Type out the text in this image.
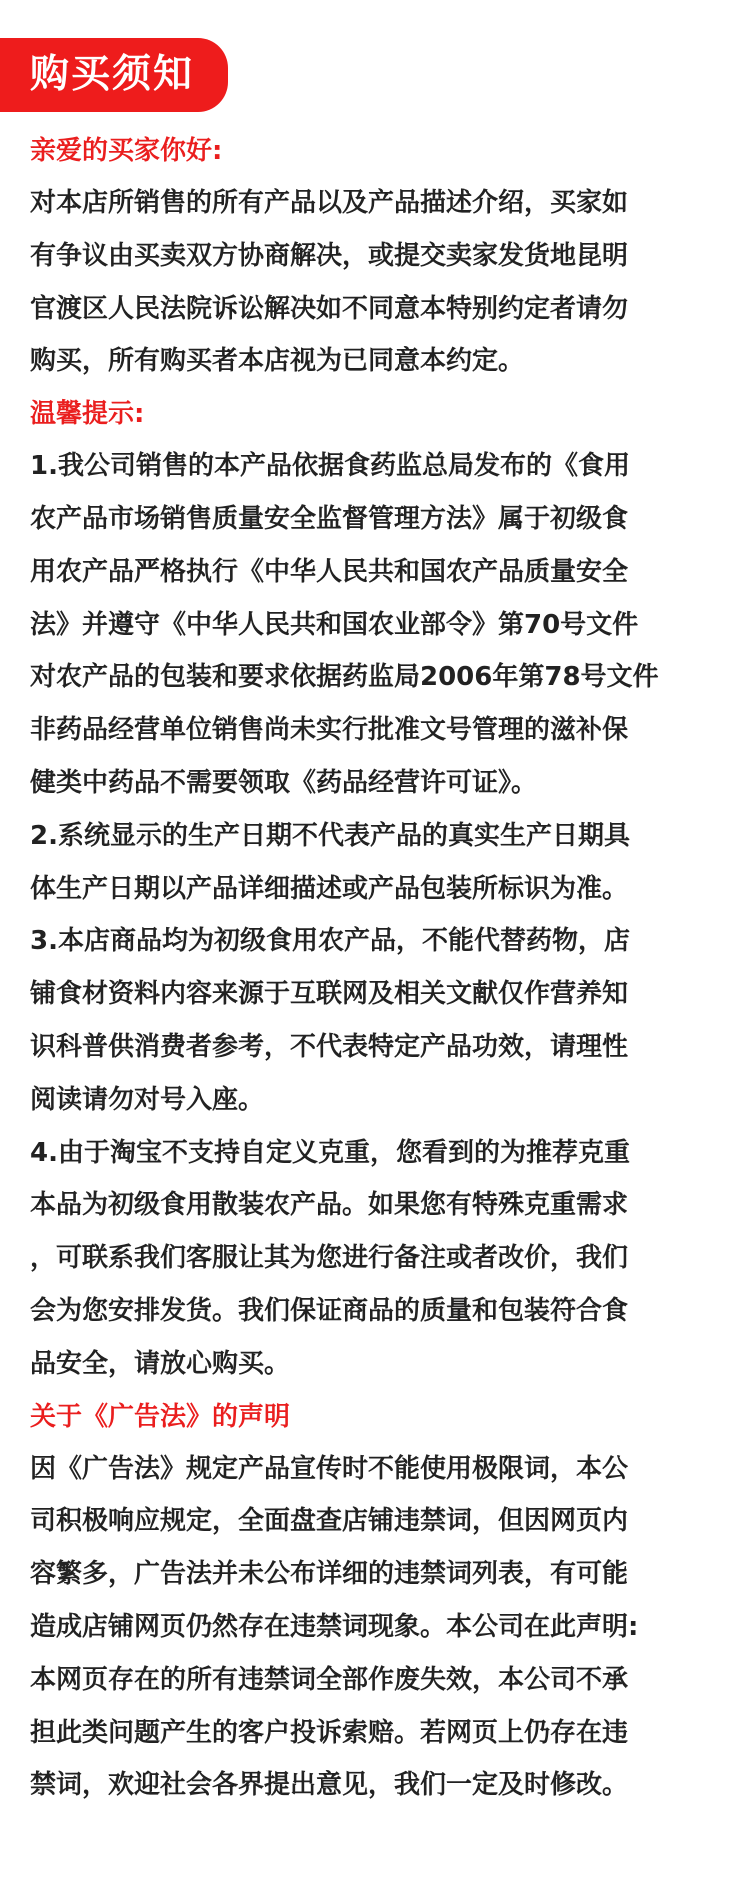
购买须知
亲爱的买家你好:
对本店所销售的所有产品以及产品描述介绍，买家如
有争议由买卖双方协商解决，或提交卖家发货地昆明
官渡区人民法院诉讼解决如不同意本特别约定者请勿
购买，所有购买者本店视为已同意本约定。
温馨提示:
1.我公司销售的本产品依据食药监总局发布的《食用
农产品市场销售质量安全监督管理方法》属于初级食
用农产品严格执行《中华人民共和国农产品质量安全
法》并遵守《中华人民共和国农业部令》第70号文件
对农产品的包装和要求依据药监局2006年第78号文件
非药品经营单位销售尚未实行批准文号管理的滋补保
健类中药品不需要领取《药品经营许可证》。
2.系统显示的生产日期不代表产品的真实生产日期具
体生产日期以产品详细描述或产品包装所标识为准。
3.本店商品均为初级食用农产品，不能代替药物，店
铺食材资料内容来源于互联网及相关文献仅作营养知
识科普供消费者参考，不代表特定产品功效，请理性
阅读请勿对号入座。
4.由于淘宝不支持自定义克重，您看到的为推荐克重
本品为初级食用散装农产品。如果您有特殊克重需求
，可联系我们客服让其为您进行备注或者改价，我们
会为您安排发货。我们保证商品的质量和包装符合食
品安全，请放心购买。
关于《广告法》的声明
因《广告法》规定产品宣传时不能使用极限词，本公
司积极响应规定，全面盘查店铺违禁词，但因网页内
容繁多，广告法并未公布详细的违禁词列表，有可能
造成店铺网页仍然存在违禁词现象。本公司在此声明:
本网页存在的所有违禁词全部作废失效，本公司不承
担此类问题产生的客户投诉索赔。若网页上仍存在违
禁词，欢迎社会各界提出意见，我们一定及时修改。
